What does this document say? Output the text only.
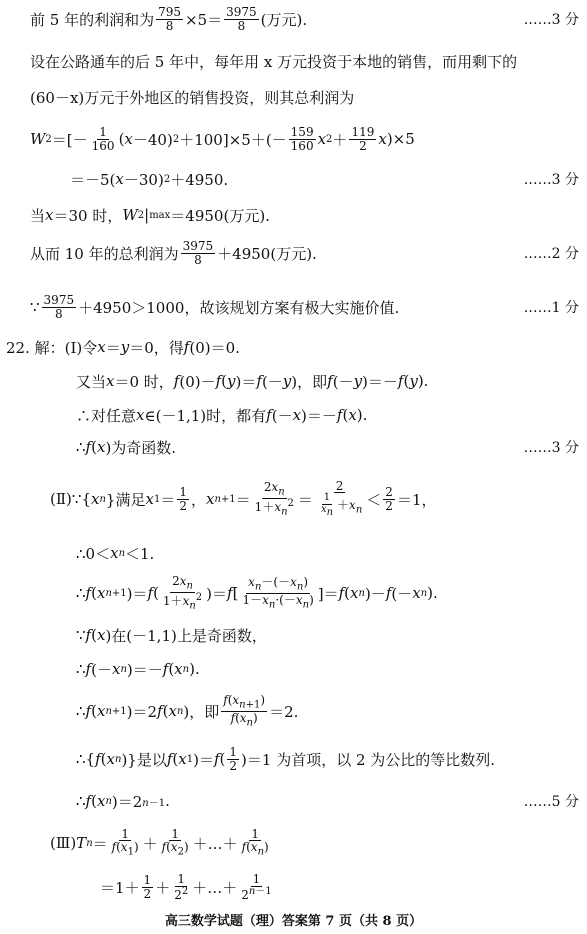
前 5 年的利润和为 $\frac{795}{8} \times 5= \frac{3975}{8}$ (万元).	……3 分
设在公路通车的后 5 年中，每年用 x 万元投资于本地的销售，而用剩下的
(60－x)万元于外地区的销售投资，则其总利润为
W 2 ＝[－ $\frac{1}{160}$ ( x －40) $2 +100]\times 5+(- \frac{159}{160}$ x $2 + \frac{119}{2}$ x )×5
＝－5( x －30) 2 ＋4950.	……3 分
当 x ＝30 时， W 2 | max ＝4950(万元).
从而 10 年的总利润为 $\frac{3975}{8} +4950$(万元).	……2 分
∵ $\frac{3975}{8} +4950>1000$，故该规划方案有极大实施价值.	……1 分
22. 解：(Ⅰ)令 x ＝ y ＝0，得 f (0)＝0.
又当 x ＝0 时， f (0)－ f ( y )＝ f (－ y )，即 f (－ y )＝－ f ( y ).
∴对任意 x ∈(－1,1)时，都有 f (－ x )＝－ f ( x ).
∴ f ( x )为奇函数.	……3 分
(Ⅱ)∵{ x n }满足 x $1 = \frac{1}{2}$ ， x $n+1 = \frac{2x_n}{1+x_n^2} = \frac{2}{\frac{1}{x_n} +x_n} < \frac{2}{2} =1$，
∴0＜ x n ＜1.
∴ f ( x n+1 )＝ f ( $\frac{2x_n}{1+x_n^2}$ )＝ f [ $\frac{x_n-(-x_n)}{1-x_n\cdot(-x_n)}$ ]＝ f ( x n )－ f (－ x n ).
∵ f ( x )在(－1,1)上是奇函数，
∴ f (－ x n )＝－ f ( x n ).
∴ f ( x n+1 )＝2 f ( x n )，即 $\frac{f(x_{n+1})}{f(x_n)} =2$.
∴{ f ( x n )}是以 f ( x 1 )＝ f ( $\frac{1}{2} )=1$ 为首项，以 2 为公比的等比数列.
∴ f ( x n )＝2 n－1 .	……5 分
(Ⅲ) T $n = \frac{1}{f(x_1)} + \frac{1}{f(x_2)}$ ＋…＋ $\frac{1}{f(x_n)}$
$=1+ \frac{1}{2} + \frac{1}{2^2}$ ＋…＋ $\frac{1}{2^{n-1}}$
高三数学试题（理）答案第 7 页（共 8 页）
